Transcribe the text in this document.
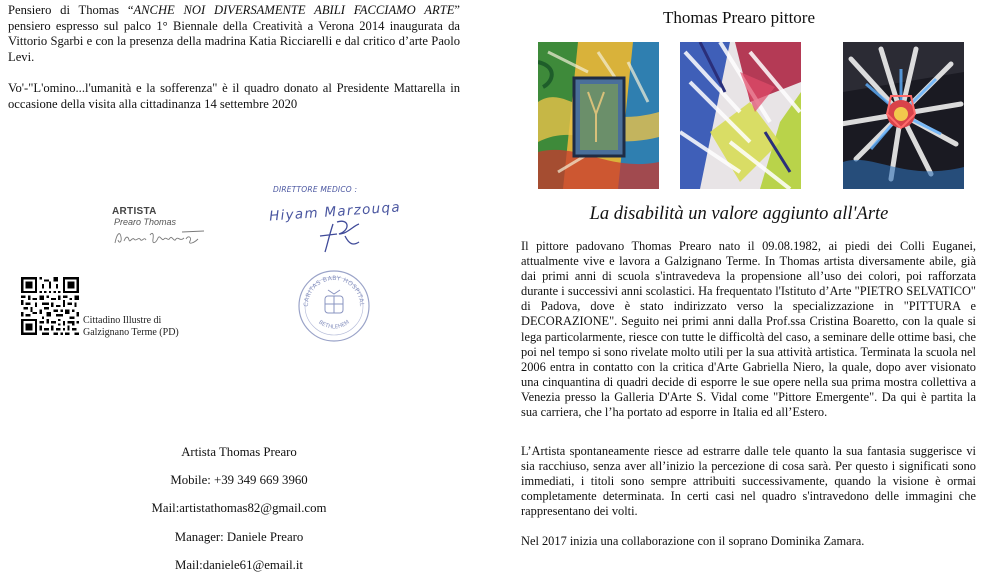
Pensiero di Thomas “ANCHE NOI DIVERSAMENTE ABILI FACCIAMO ARTE” pensiero espresso sul palco 1° Biennale della Creatività a Verona 2014 inaugurata da Vittorio Sgarbi e con la presenza della madrina Katia Ricciarelli e dal critico d’arte Paolo Levi.

Vo'-"L'omino...l'umanità e la sofferenza" è il quadro donato al Presidente Mattarella in occasione della visita alla cittadinanza 14 settembre 2020

ARTISTA
Prearo Thomas
DIRETTORE MEDICO :
Hiyam Marzouqa
Cittadino Illustre di
Galzignano Terme (PD)
CARITAS BABY HOSPITAL
BETHLEHEM
Artista Thomas Prearo
Mobile: +39 349 669 3960
Mail:artistathomas82@gmail.com
Manager: Daniele Prearo
Mail:daniele61@email.it
Thomas Prearo pittore
La disabilità un valore aggiunto all'Arte

Il pittore padovano Thomas Prearo nato il 09.08.1982, ai piedi dei Colli Euganei, attualmente vive e lavora a Galzignano Terme. In Thomas artista diversamente abile, già dai primi anni di scuola s'intravedeva la propensione all’uso dei colori, poi rafforzata durante i successivi anni scolastici. Ha frequentato l'Istituto d’Arte "PIETRO SELVATICO" di Padova, dove è stato indirizzato verso la specializzazione in "PITTURA e DECORAZIONE". Seguito nei primi anni dalla Prof.ssa Cristina Boaretto, con la quale si lega particolarmente, riesce con tutte le difficoltà del caso, a seminare delle ottime basi, che poi nel tempo si sono rivelate molto utili per la sua attività artistica. Terminata la scuola nel 2006 entra in contatto con la critica d'Arte Gabriella Niero, la quale, dopo aver visionato una cinquantina di quadri decide di esporre le sue opere nella sua prima mostra collettiva a Venezia presso la Galleria D'Arte S. Vidal come "Pittore Emergente". Da qui è partita la sua carriera, che l’ha portato ad esporre in Italia ed all’Estero.

L’Artista spontaneamente riesce ad estrarre dalle tele quanto la sua fantasia suggerisce vi sia racchiuso, senza aver all’inizio la percezione di cosa sarà. Per questo i significati sono immediati, i titoli sono sempre attribuiti successivamente, quando la visione è ormai completamente determinata. In certi casi nel quadro s'intravedono delle immagini che rappresentano dei volti.

Nel 2017 inizia una collaborazione con il soprano Dominika Zamara.
